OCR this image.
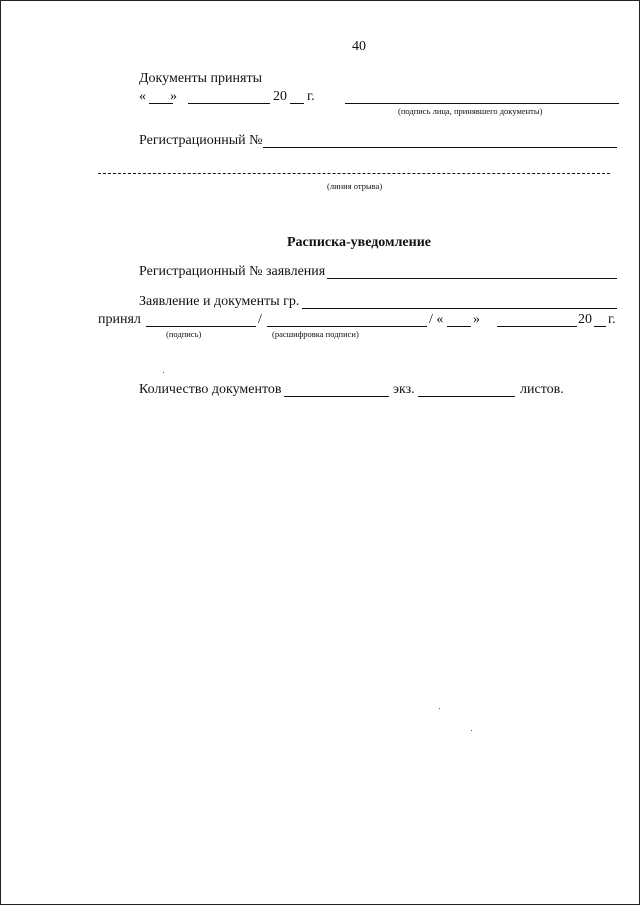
40
Документы приняты
« »	20 г.
(подпись лица, принявшего документы)
Регистрационный №
(линия отрыва)
Расписка-уведомление
Регистрационный № заявления
Заявление и документы гр.
принял	/	/ « »	20 г.
(подпись)	(расшифровка подписи)
Количество документов	экз.	листов.
